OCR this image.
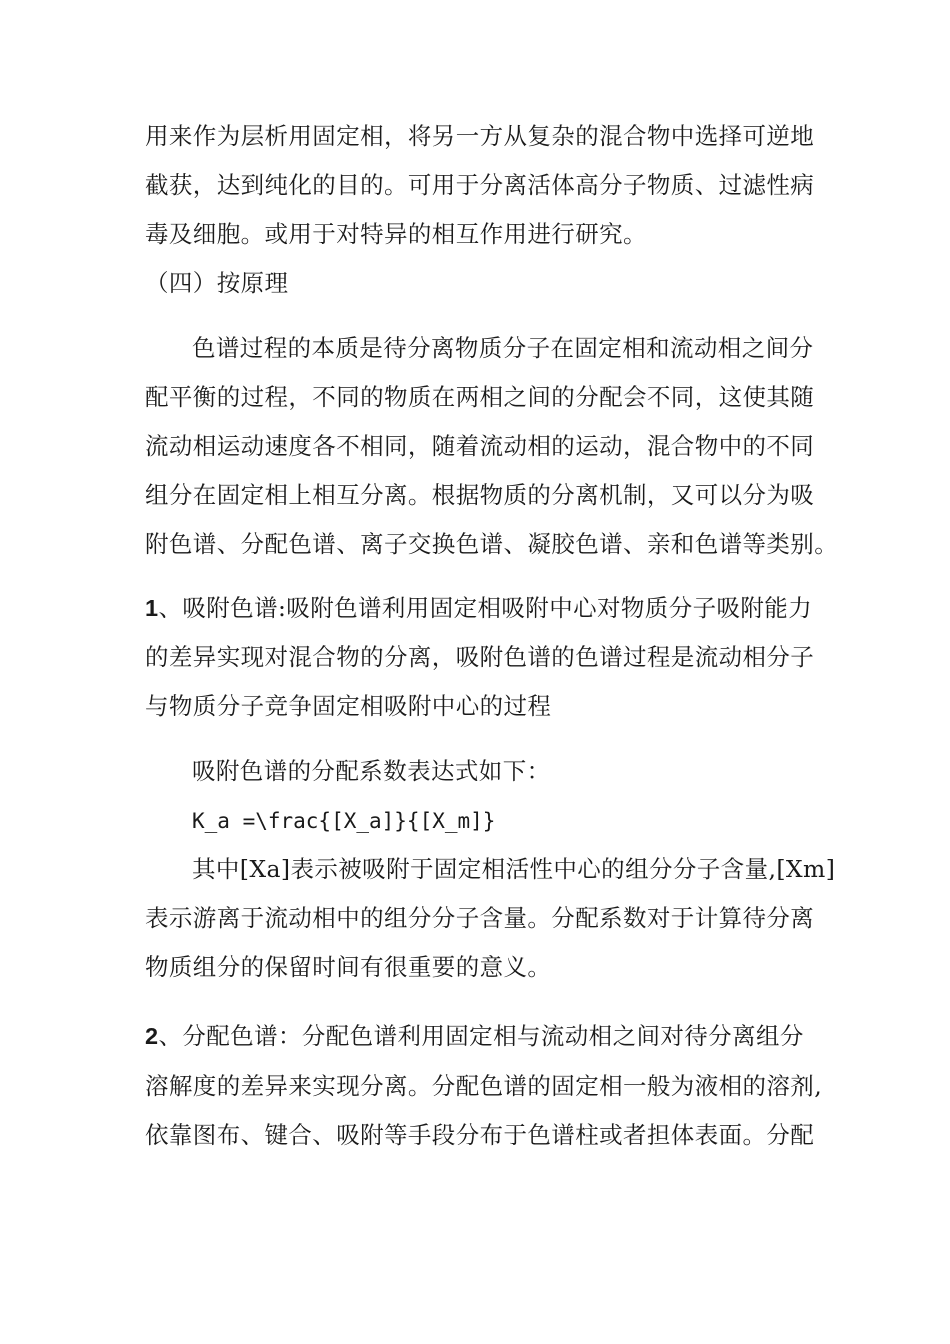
用来作为层析用固定相，将另一方从复杂的混合物中选择可逆地
截获，达到纯化的目的。可用于分离活体高分子物质、过滤性病
毒及细胞。或用于对特异的相互作用进行研究。
（四）按原理
色谱过程的本质是待分离物质分子在固定相和流动相之间分
配平衡的过程，不同的物质在两相之间的分配会不同，这使其随
流动相运动速度各不相同，随着流动相的运动，混合物中的不同
组分在固定相上相互分离。根据物质的分离机制，又可以分为吸
附色谱、分配色谱、离子交换色谱、凝胶色谱、亲和色谱等类别。
1、吸附色谱:吸附色谱利用固定相吸附中心对物质分子吸附能力
的差异实现对混合物的分离，吸附色谱的色谱过程是流动相分子
与物质分子竞争固定相吸附中心的过程
吸附色谱的分配系数表达式如下：
K_a =\frac{[X_a]}{[X_m]}
其中[Xa]表示被吸附于固定相活性中心的组分分子含量,[Xm]
表示游离于流动相中的组分分子含量。分配系数对于计算待分离
物质组分的保留时间有很重要的意义。
2、分配色谱：分配色谱利用固定相与流动相之间对待分离组分
溶解度的差异来实现分离。分配色谱的固定相一般为液相的溶剂,
依靠图布、键合、吸附等手段分布于色谱柱或者担体表面。分配
